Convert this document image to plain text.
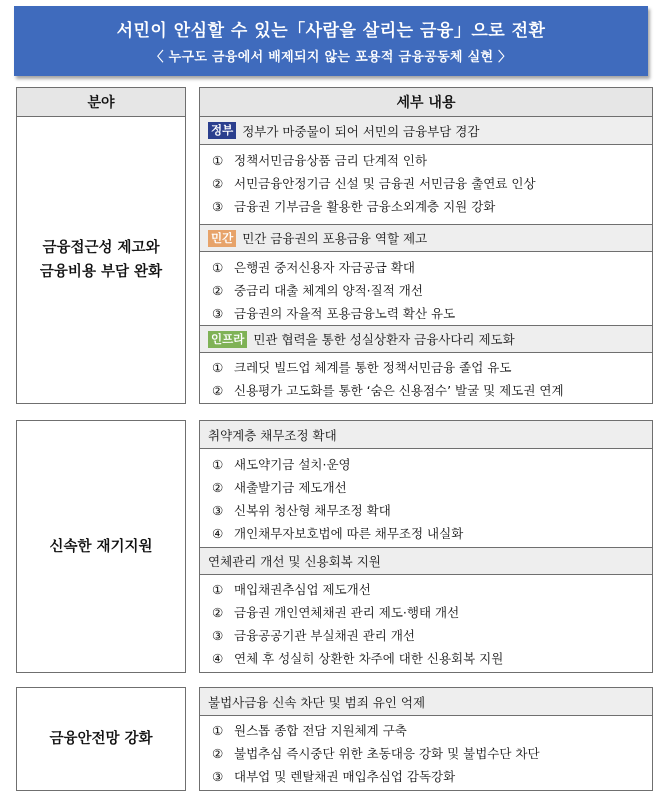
서민이 안심할 수 있는「사람을 살리는 금융」으로 전환
〈 누구도 금융에서 배제되지 않는 포용적 금융공동체 실현 〉
분야	세부 내용
금융접근성 제고와
금융비용 부담 완화
정부 정부가 마중물이 되어 서민의 금융부담 경감
① 정책서민금융상품 금리 단계적 인하
② 서민금융안정기금 신설 및 금융권 서민금융 출연료 인상
③ 금융권 기부금을 활용한 금융소외계층 지원 강화
민간 민간 금융권의 포용금융 역할 제고
① 은행권 중저신용자 자금공급 확대
② 중금리 대출 체계의 양적·질적 개선
③ 금융권의 자율적 포용금융노력 확산 유도
인프라 민관 협력을 통한 성실상환자 금융사다리 제도화
① 크레딧 빌드업 체계를 통한 정책서민금융 졸업 유도
② 신용평가 고도화를 통한 ‘숨은 신용점수’ 발굴 및 제도권 연계
신속한 재기지원
취약계층 채무조정 확대
① 새도약기금 설치·운영
② 새출발기금 제도개선
③ 신복위 청산형 채무조정 확대
④ 개인채무자보호법에 따른 채무조정 내실화
연체관리 개선 및 신용회복 지원
① 매입채권추심업 제도개선
② 금융권 개인연체채권 관리 제도·행태 개선
③ 금융공공기관 부실채권 관리 개선
④ 연체 후 성실히 상환한 차주에 대한 신용회복 지원
금융안전망 강화
불법사금융 신속 차단 및 범죄 유인 억제
① 원스톱 종합 전담 지원체계 구축
② 불법추심 즉시중단 위한 초동대응 강화 및 불법수단 차단
③ 대부업 및 렌탈채권 매입추심업 감독강화
